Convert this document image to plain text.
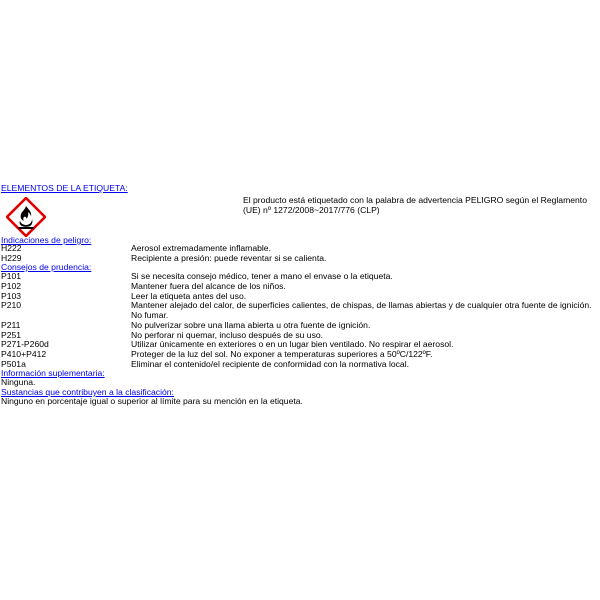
ELEMENTOS DE LA ETIQUETA:
El producto está etiquetado con la palabra de advertencia PELIGRO según el Reglamento (UE) nº 1272/2008~2017/776 (CLP)
Indicaciones de peligro:
H222	Aerosol extremadamente inflamable.
H229	Recipiente a presión: puede reventar si se calienta.
Consejos de prudencia:
P101	Si se necesita consejo médico, tener a mano el envase o la etiqueta.
P102	Mantener fuera del alcance de los niños.
P103	Leer la etiqueta antes del uso.
P210	Mantener alejado del calor, de superficies calientes, de chispas, de llamas abiertas y de cualquier otra fuente de ignición. No fumar.
P211	No pulverizar sobre una llama abierta u otra fuente de ignición.
P251	No perforar ni quemar, incluso después de su uso.
P271-P260d	Utilizar únicamente en exteriores o en un lugar bien ventilado. No respirar el aerosol.
P410+P412	Proteger de la luz del sol. No exponer a temperaturas superiores a 50ºC/122ºF.
P501a	Eliminar el contenido/el recipiente de conformidad con la normativa local.
Información suplementaria:
Ninguna.
Sustancias que contribuyen a la clasificación:
Ninguno en porcentaje igual o superior al límite para su mención en la etiqueta.
